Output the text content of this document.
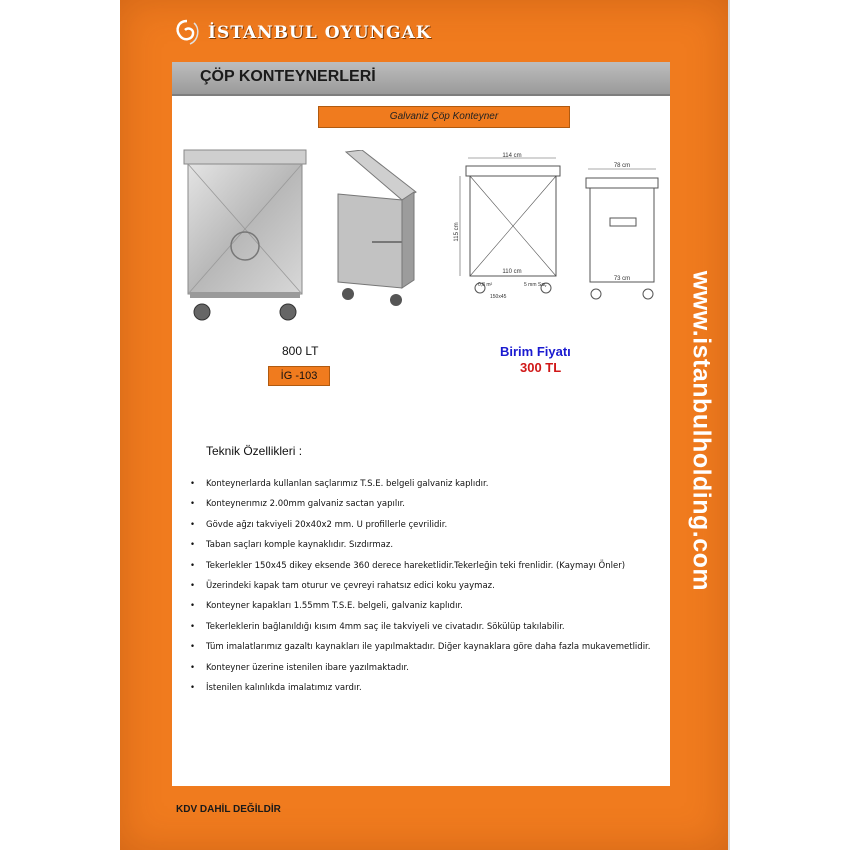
İSTANBUL OYUNGAK
ÇÖP KONTEYNERLERİ
Galvaniz Çöp Konteyner
114 cm
115 cm
110 cm
0,8 m²	5 mm Saç
150x45
78 cm
73 cm
800 LT
İG -103
Birim Fiyatı
300 TL
Teknik Özellikleri :
• Konteynerlarda kullanlan saçlarımız T.S.E. belgeli galvaniz kaplıdır.
• Konteynerımız 2.00mm galvaniz sactan yapılır.
• Gövde ağzı takviyeli 20x40x2 mm. U profillerle çevrilidir.
• Taban saçları komple kaynaklıdır. Sızdırmaz.
• Tekerlekler 150x45 dikey eksende 360 derece hareketlidir.Tekerleğin teki frenlidir. (Kaymayı Önler)
• Üzerindeki kapak tam oturur ve çevreyi rahatsız edici koku yaymaz.
• Konteyner kapakları 1.55mm T.S.E. belgeli, galvaniz kaplıdır.
• Tekerleklerin bağlanıldığı kısım 4mm saç ile takviyeli ve civatadır. Sökülüp takılabilir.
• Tüm imalatlarımız gazaltı kaynakları ile yapılmaktadır. Diğer kaynaklara göre daha fazla mukavemetlidir.
• Konteyner üzerine istenilen ibare yazılmaktadır.
• İstenilen kalınlıkda imalatımız vardır.
KDV DAHİL DEĞİLDİR
www.istanbulholding.com
